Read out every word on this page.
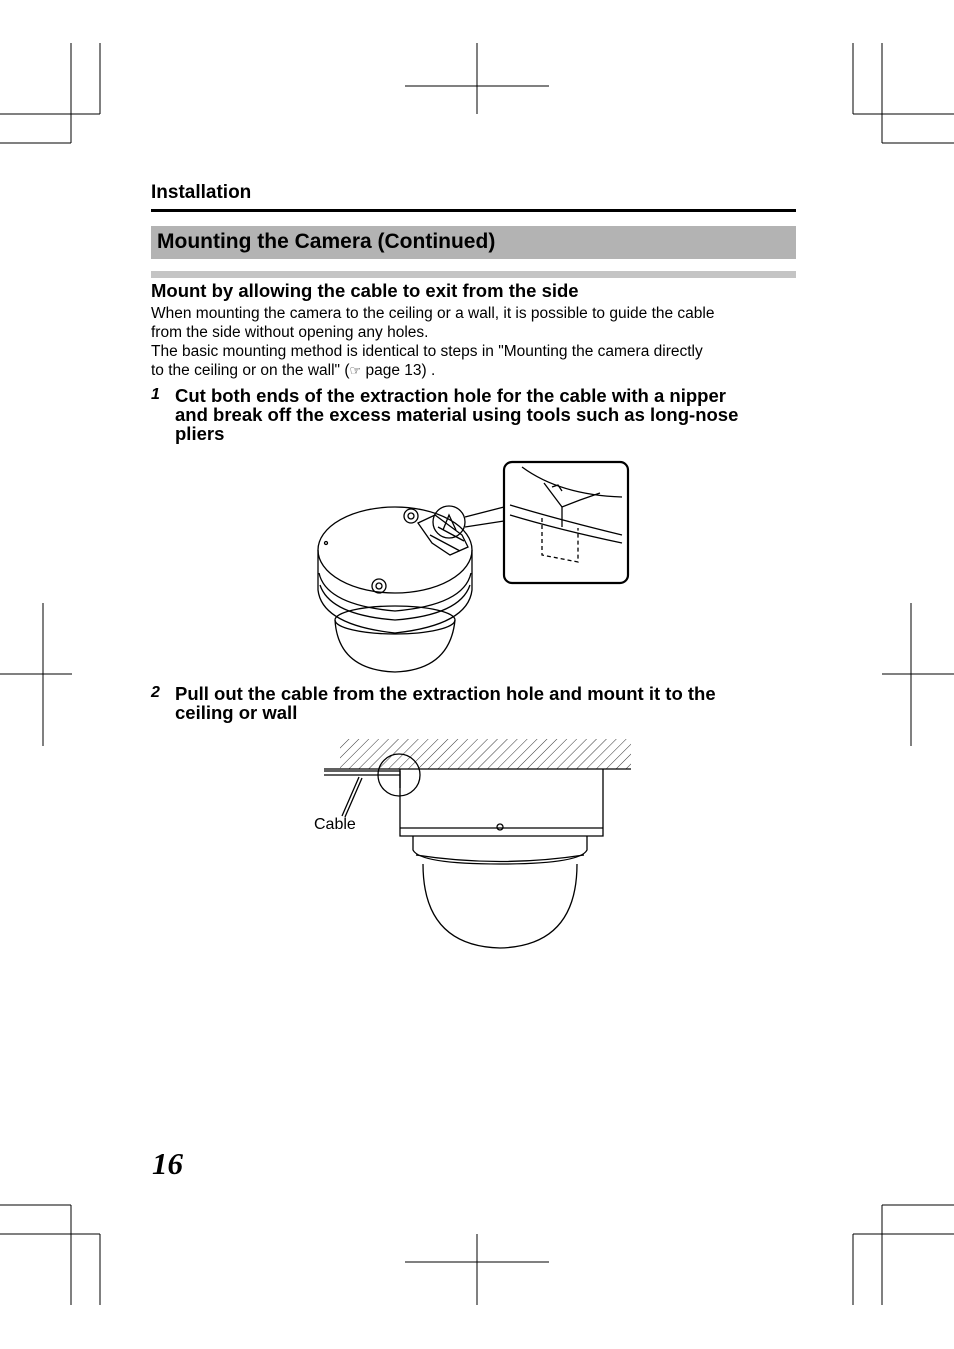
Installation
Mounting the Camera (Continued)
Mount by allowing the cable to exit from the side
When mounting the camera to the ceiling or a wall, it is possible to guide the cable
from the side without opening any holes.
The basic mounting method is identical to steps in "Mounting the camera directly
to the ceiling or on the wall" (☞ page 13) .
1 Cut both ends of the extraction hole for the cable with a nipper
and break off the excess material using tools such as long-nose
pliers
2 Pull out the cable from the extraction hole and mount it to the
ceiling or wall
Cable
16
